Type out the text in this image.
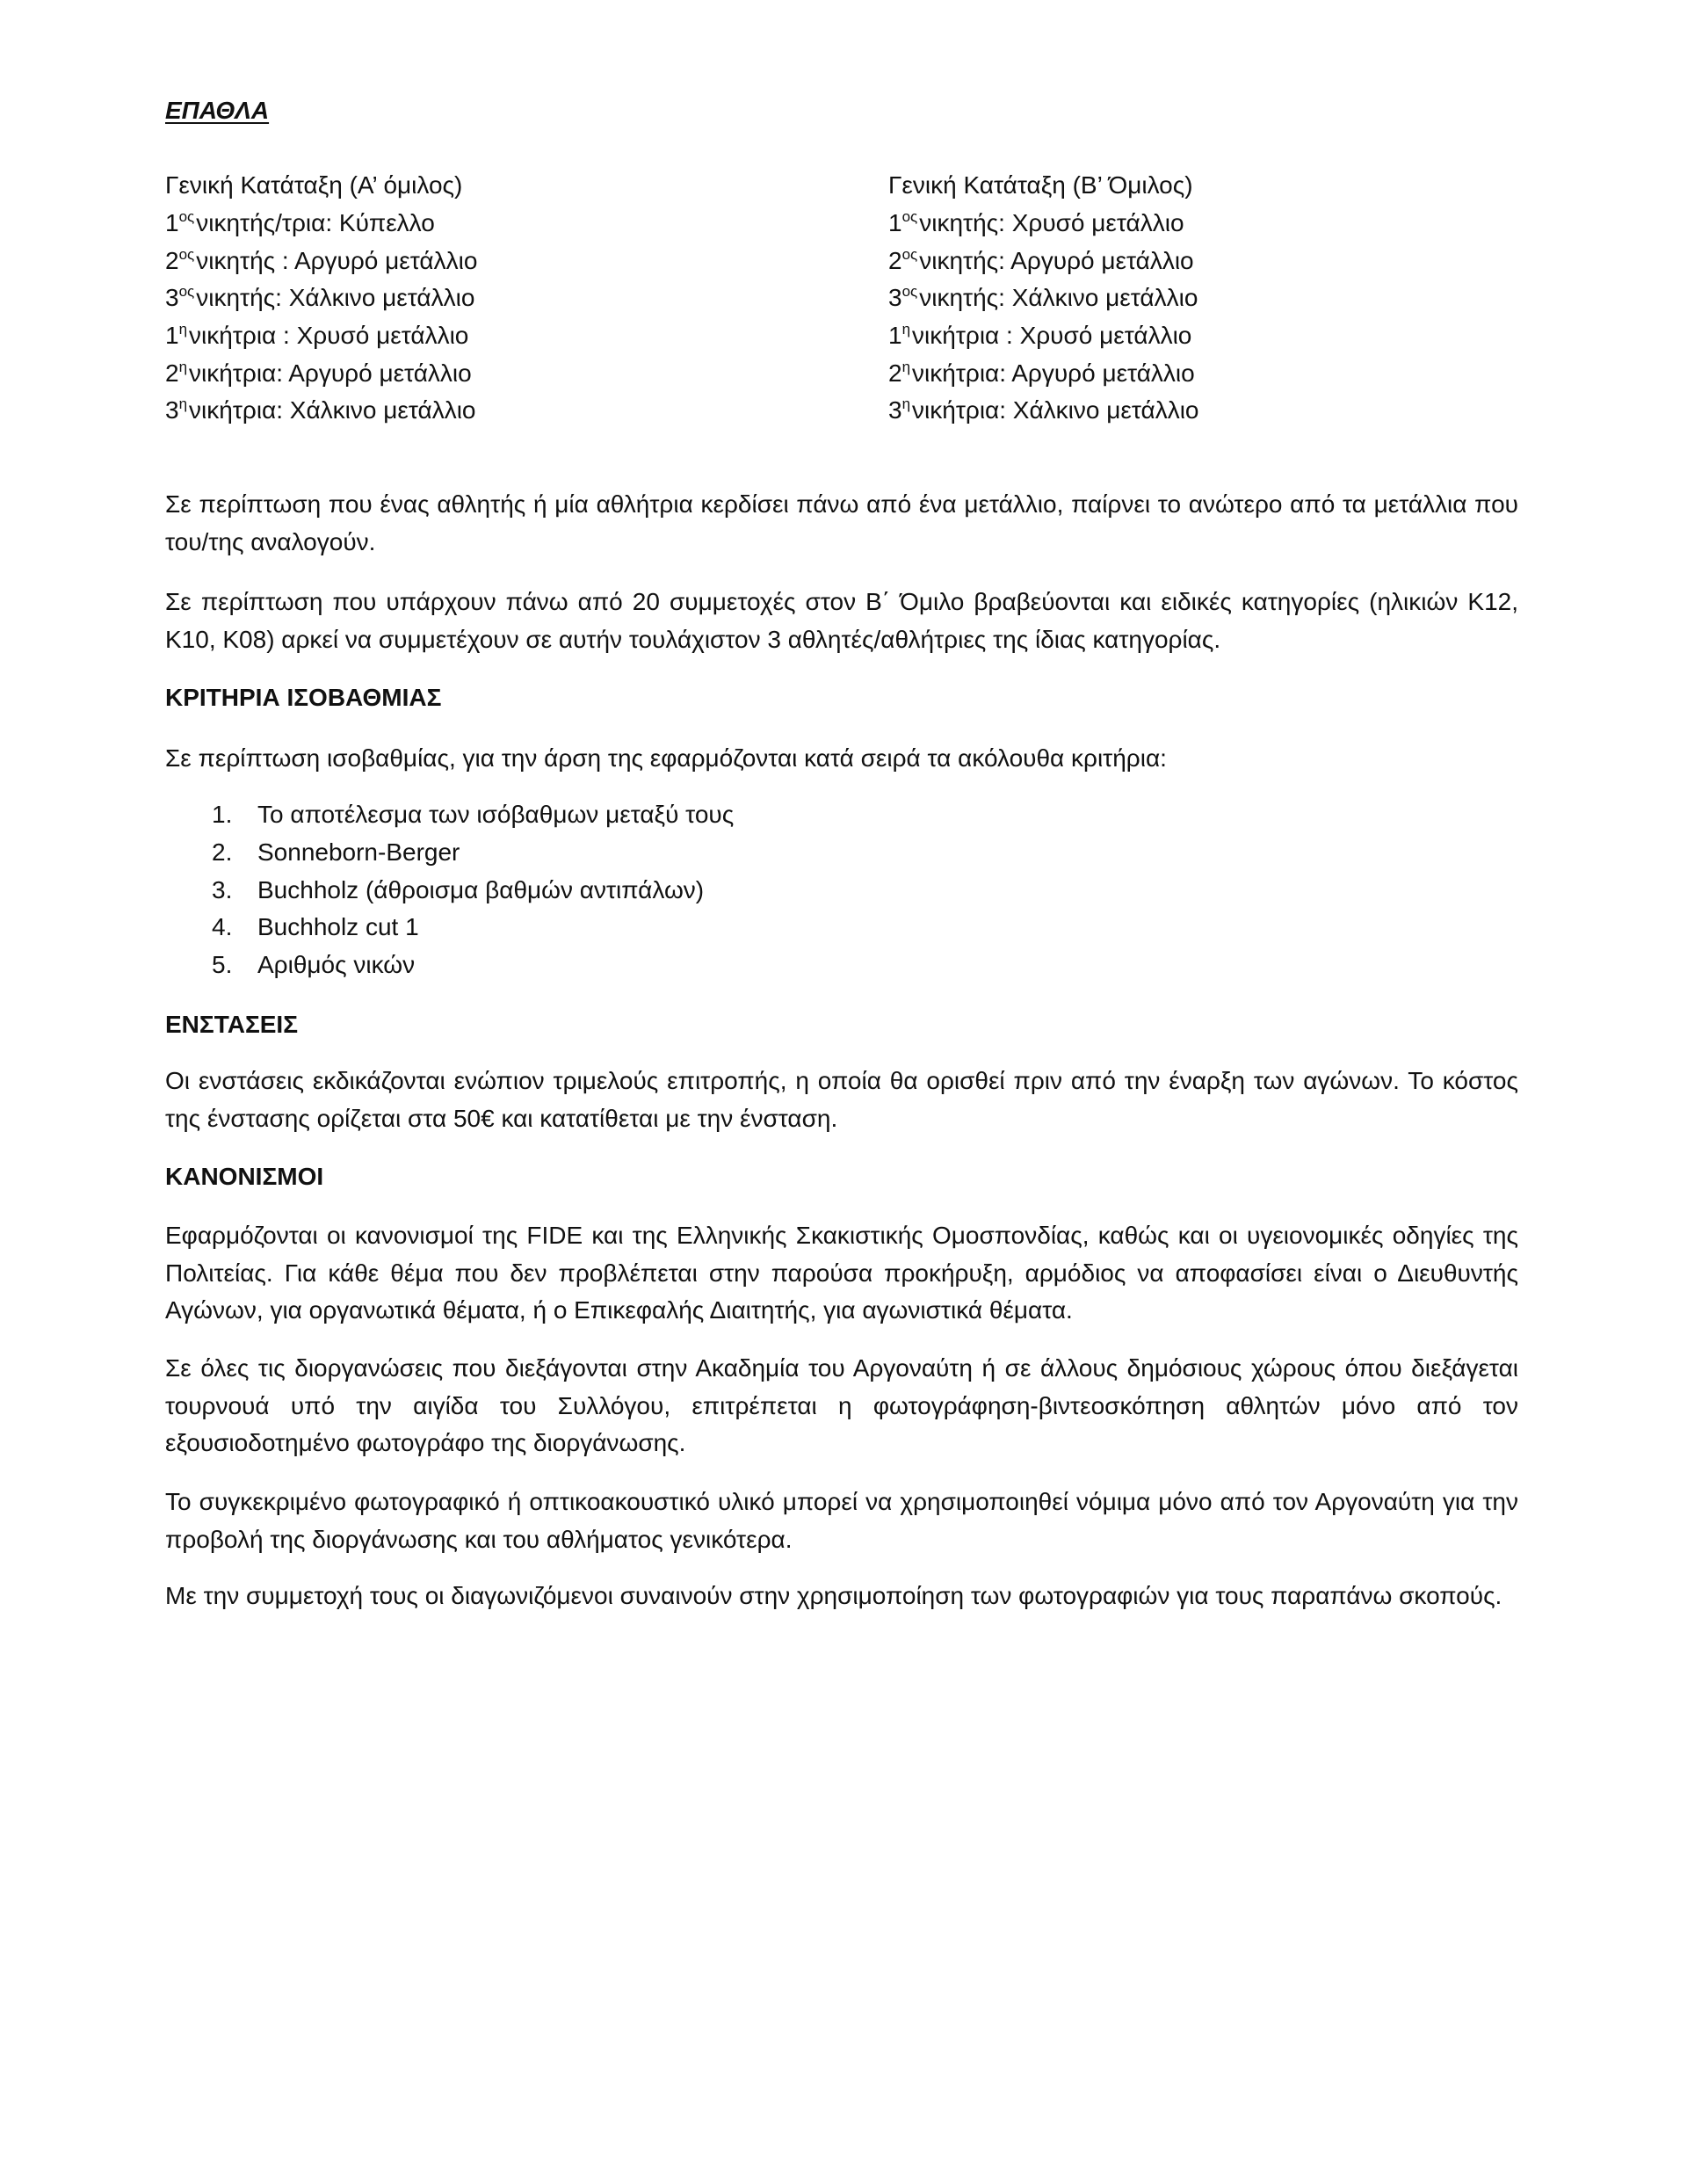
ΕΠΑΘΛΑ
Γενική Κατάταξη (Α’ όμιλος)
$1^{o\varsigma}\nu\iota\kappa\eta\tau ή\varsigma$/τρια: Κύπελλο
$2^{o\varsigma}\nu\iota\kappa\eta\tau ή\varsigma$ : Αργυρό μετάλλιο
$3^{o\varsigma}\nu\iota\kappa\eta\tau ή\varsigma$: Χάλκινο μετάλλιο
$1^\eta\nu\iota\kappa ή\tau\rho\iota\alpha$ : Χρυσό μετάλλιο
$2^\eta\nu\iota\kappa ή\tau\rho\iota\alpha$: Αργυρό μετάλλιο
$3^\eta\nu\iota\kappa ή\tau\rho\iota\alpha$: Χάλκινο μετάλλιο
Γενική Κατάταξη (Β’ Όμιλος)
$1^{o\varsigma}\nu\iota\kappa\eta\tau ή\varsigma$: Χρυσό μετάλλιο
$2^{o\varsigma}\nu\iota\kappa\eta\tau ή\varsigma$: Αργυρό μετάλλιο
$3^{o\varsigma}\nu\iota\kappa\eta\tau ή\varsigma$: Χάλκινο μετάλλιο
$1^\eta\nu\iota\kappa ή\tau\rho\iota\alpha$ : Χρυσό μετάλλιο
$2^\eta\nu\iota\kappa ή\tau\rho\iota\alpha$: Αργυρό μετάλλιο
$3^\eta\nu\iota\kappa ή\tau\rho\iota\alpha$: Χάλκινο μετάλλιο

Σε περίπτωση που ένας αθλητής ή μία αθλήτρια κερδίσει πάνω από ένα μετάλλιο, παίρνει το ανώτερο από τα μετάλλια που του/της αναλογούν.

Σε περίπτωση που υπάρχουν πάνω από 20 συμμετοχές στον Β΄ Όμιλο βραβεύονται και ειδικές κατηγορίες (ηλικιών Κ12, Κ10, Κ08) αρκεί να συμμετέχουν σε αυτήν τουλάχιστον 3 αθλητές/αθλήτριες της ίδιας κατηγορίας.

ΚΡΙΤΗΡΙΑ ΙΣΟΒΑΘΜΙΑΣ

Σε περίπτωση ισοβαθμίας, για την άρση της εφαρμόζονται κατά σειρά τα ακόλουθα κριτήρια:

1. Το αποτέλεσμα των ισόβαθμων μεταξύ τους
2. Sonneborn-Berger
3. Buchholz (άθροισμα βαθμών αντιπάλων)
4. Buchholz cut 1
5. Αριθμός νικών
ΕΝΣΤΑΣΕΙΣ

Οι ενστάσεις εκδικάζονται ενώπιον τριμελούς επιτροπής, η οποία θα ορισθεί πριν από την έναρξη των αγώνων. Το κόστος της ένστασης ορίζεται στα 50€ και κατατίθεται με την ένσταση.

ΚΑΝΟΝΙΣΜΟΙ

Εφαρμόζονται οι κανονισμοί της FIDE και της Ελληνικής Σκακιστικής Ομοσπονδίας, καθώς και οι υγειονομικές οδηγίες της Πολιτείας. Για κάθε θέμα που δεν προβλέπεται στην παρούσα προκήρυξη, αρμόδιος να αποφασίσει είναι ο Διευθυντής Αγώνων, για οργανωτικά θέματα, ή ο Επικεφαλής Διαιτητής, για αγωνιστικά θέματα.

Σε όλες τις διοργανώσεις που διεξάγονται στην Ακαδημία του Αργοναύτη ή σε άλλους δημόσιους χώρους όπου διεξάγεται τουρνουά υπό την αιγίδα του Συλλόγου, επιτρέπεται η φωτογράφηση-βιντεοσκόπηση αθλητών μόνο από τον εξουσιοδοτημένο φωτογράφο της διοργάνωσης.

Το συγκεκριμένο φωτογραφικό ή οπτικοακουστικό υλικό μπορεί να χρησιμοποιηθεί νόμιμα μόνο από τον Αργοναύτη για την προβολή της διοργάνωσης και του αθλήματος γενικότερα.

Με την συμμετοχή τους οι διαγωνιζόμενοι συναινούν στην χρησιμοποίηση των φωτογραφιών για τους παραπάνω σκοπούς.
